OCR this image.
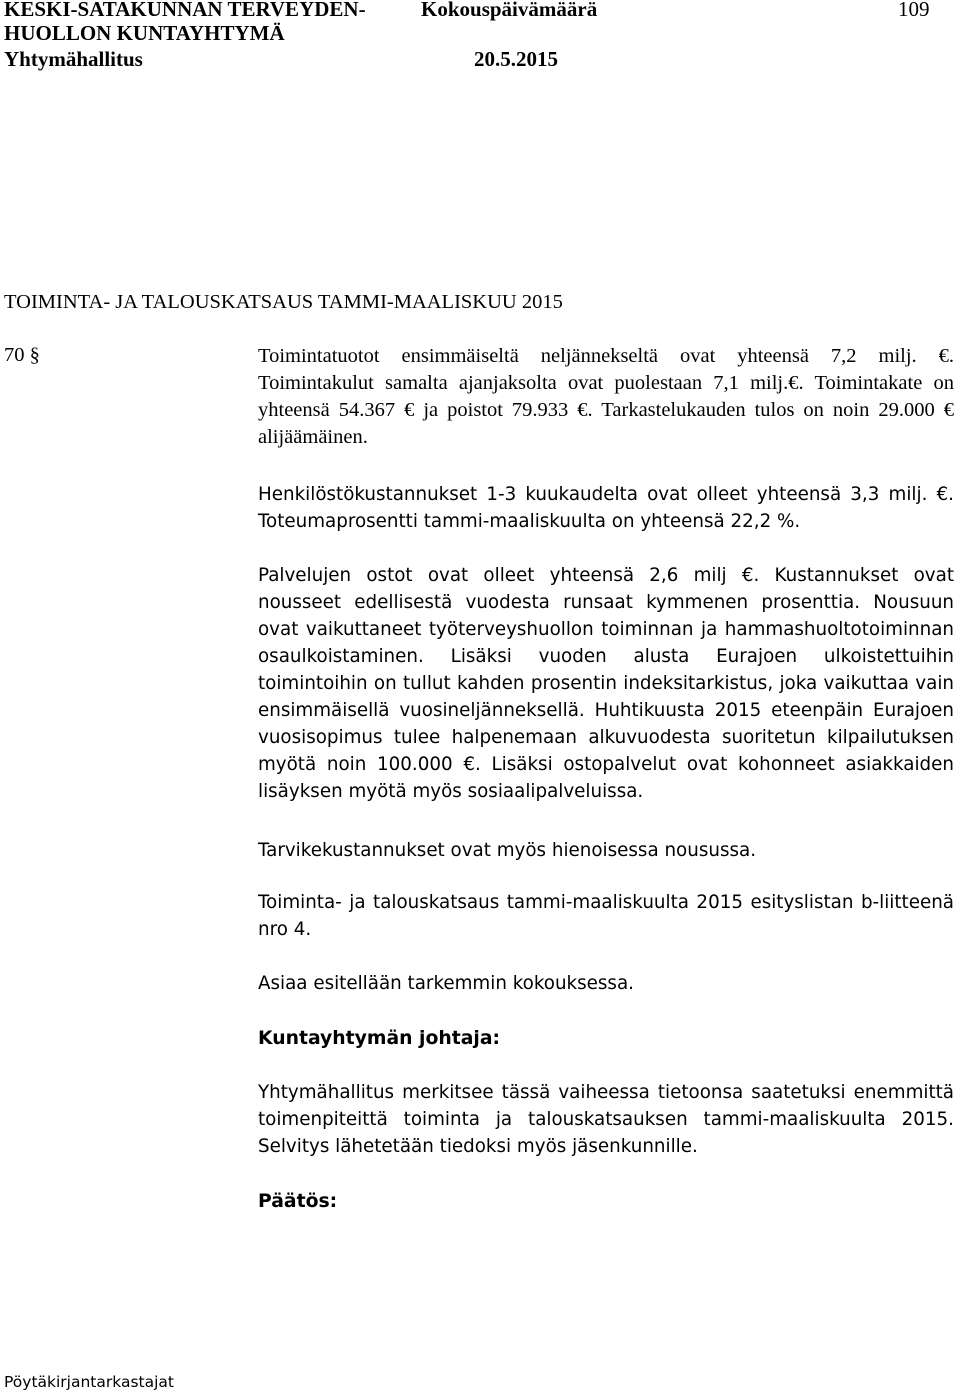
KESKI-SATAKUNNAN TERVEYDEN-
HUOLLON KUNTAYHTYMÄ
Yhtymähallitus
Kokouspäivämäärä
20.5.2015
109
TOIMINTA- JA TALOUSKATSAUS TAMMI-MAALISKUU 2015
70 §	Toimintatuotot ensimmäiseltä neljännekseltä ovat yhteensä 7,2 milj. €. Toimintakulut samalta ajanjaksolta ovat puolestaan 7,1 milj.€. Toimintakate on yhteensä 54.367 € ja poistot 79.933 €. Tarkastelukauden tulos on noin 29.000 € alijäämäinen.

Henkilöstökustannukset 1-3 kuukaudelta ovat olleet yhteensä 3,3 milj. €. Toteumaprosentti tammi-maaliskuulta on yhteensä 22,2 %.

Palvelujen ostot ovat olleet yhteensä 2,6 milj €. Kustannukset ovat nousseet edellisestä vuodesta runsaat kymmenen prosenttia. Nousuun ovat vaikuttaneet työterveyshuollon toiminnan ja hammashuoltotoiminnan osaulkoistaminen. Lisäksi vuoden alusta Eurajoen ulkoistettuihin toimintoihin on tullut kahden prosentin indeksitarkistus, joka vaikuttaa vain ensimmäisellä vuosineljänneksellä. Huhtikuusta 2015 eteenpäin Eurajoen vuosisopimus tulee halpenemaan alkuvuodesta suoritetun kilpailutuksen myötä noin 100.000 €. Lisäksi ostopalvelut ovat kohonneet asiakkaiden lisäyksen myötä myös sosiaalipalveluissa.

Tarvikekustannukset ovat myös hienoisessa nousussa.

Toiminta- ja talouskatsaus tammi-maaliskuulta 2015 esityslistan b-liitteenä nro 4.

Asiaa esitellään tarkemmin kokouksessa.

Kuntayhtymän johtaja:

Yhtymähallitus merkitsee tässä vaiheessa tietoonsa saatetuksi enemmittä toimenpiteittä toiminta ja talouskatsauksen tammi-maaliskuulta 2015. Selvitys lähetetään tiedoksi myös jäsenkunnille.

Päätös:

Pöytäkirjantarkastajat
